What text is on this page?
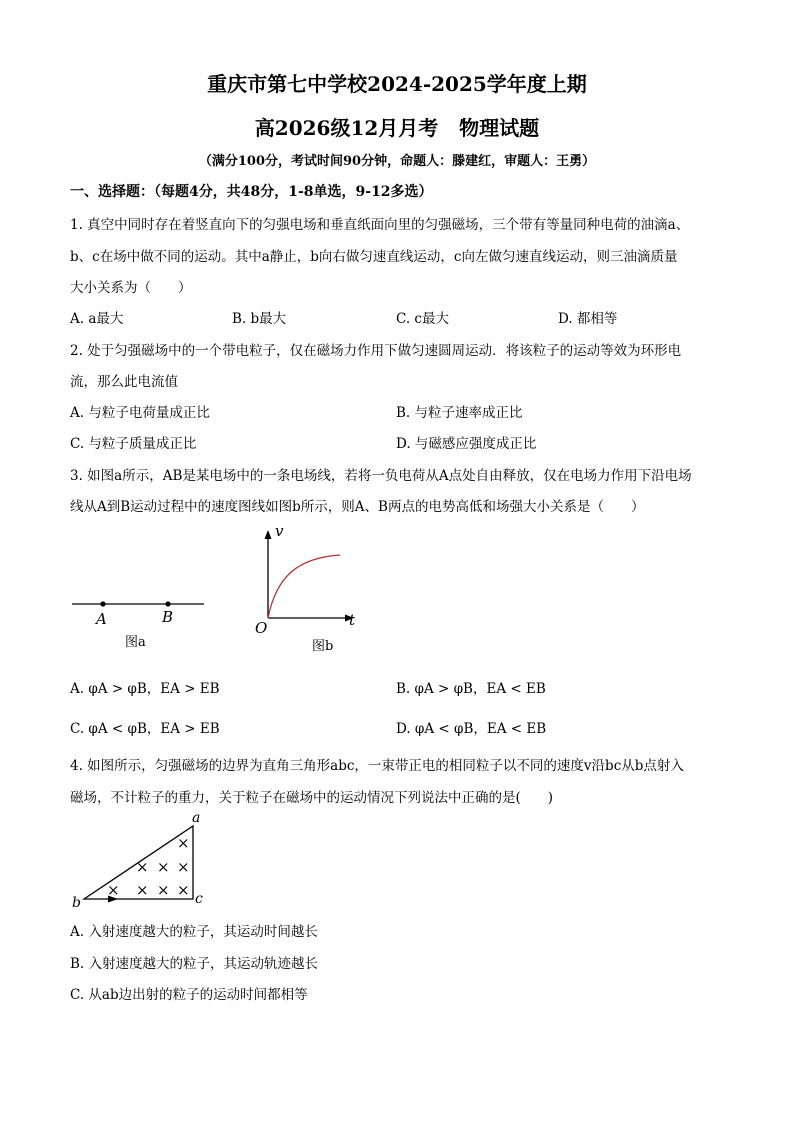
重庆市第七中学校2024-2025学年度上期
高2026级12月月考   物理试题
（满分100分，考试时间90分钟，命题人：滕建红，审题人：王勇）
一、选择题：（每题4分，共48分，1-8单选，9-12多选）
1. 真空中同时存在着竖直向下的匀强电场和垂直纸面向里的匀强磁场，三个带有等量同种电荷的油滴a、
b、c在场中做不同的运动。其中a静止，b向右做匀速直线运动，c向左做匀速直线运动，则三油滴质量
大小关系为（　　）
A. a最大	B. b最大	C. c最大	D. 都相等
2. 处于匀强磁场中的一个带电粒子，仅在磁场力作用下做匀速圆周运动．将该粒子的运动等效为环形电
流，那么此电流值
A. 与粒子电荷量成正比	B. 与粒子速率成正比
C. 与粒子质量成正比	D. 与磁感应强度成正比
3. 如图a所示，AB是某电场中的一条电场线，若将一负电荷从A点处自由释放，仅在电场力作用下沿电场
线从A到B运动过程中的速度图线如图b所示，则A、B两点的电势高低和场强大小关系是（　　）
A	B
图a
v
t
O
图b
A. φA > φB，EA > EB	B. φA > φB，EA < EB
C. φA < φB，EA > EB	D. φA < φB，EA < EB
4. 如图所示，匀强磁场的边界为直角三角形abc，一束带正电的相同粒子以不同的速度v沿bc从b点射入
磁场，不计粒子的重力，关于粒子在磁场中的运动情况下列说法中正确的是(　　)
a
b	c
×
× × ×
× × × ×
A. 入射速度越大的粒子，其运动时间越长
B. 入射速度越大的粒子，其运动轨迹越长
C. 从ab边出射的粒子的运动时间都相等
